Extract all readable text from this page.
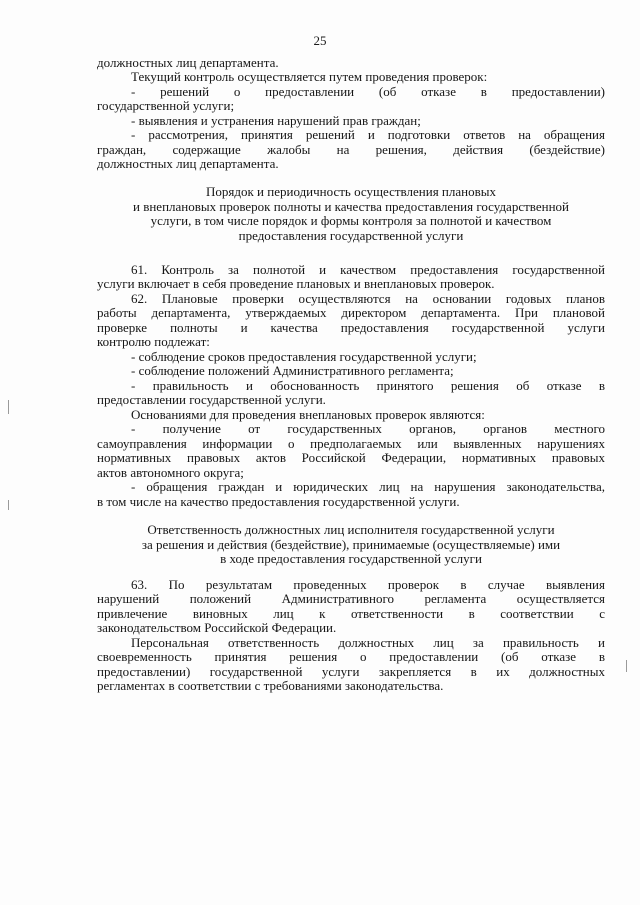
25
должностных лиц департамента.
Текущий контроль осуществляется путем проведения проверок:
- решений о предоставлении (об отказе в предоставлении)
государственной услуги;
- выявления и устранения нарушений прав граждан;
- рассмотрения, принятия решений и подготовки ответов на обращения
граждан, содержащие жалобы на решения, действия (бездействие)
должностных лиц департамента.
Порядок и периодичность осуществления плановых
и внеплановых проверок полноты и качества предоставления государственной
услуги, в том числе порядок и формы контроля за полнотой и качеством
предоставления государственной услуги
61. Контроль за полнотой и качеством предоставления государственной
услуги включает в себя проведение плановых и внеплановых проверок.
62. Плановые проверки осуществляются на основании годовых планов
работы департамента, утверждаемых директором департамента. При плановой
проверке полноты и качества предоставления государственной услуги
контролю подлежат:
- соблюдение сроков предоставления государственной услуги;
- соблюдение положений Административного регламента;
- правильность и обоснованность принятого решения об отказе в
предоставлении государственной услуги.
Основаниями для проведения внеплановых проверок являются:
- получение от государственных органов, органов местного
самоуправления информации о предполагаемых или выявленных нарушениях
нормативных правовых актов Российской Федерации, нормативных правовых
актов автономного округа;
- обращения граждан и юридических лиц на нарушения законодательства,
в том числе на качество предоставления государственной услуги.
Ответственность должностных лиц исполнителя государственной услуги
за решения и действия (бездействие), принимаемые (осуществляемые) ими
в ходе предоставления государственной услуги
63. По результатам проведенных проверок в случае выявления
нарушений положений Административного регламента осуществляется
привлечение виновных лиц к ответственности в соответствии с
законодательством Российской Федерации.
Персональная ответственность должностных лиц за правильность и
своевременность принятия решения о предоставлении (об отказе в
предоставлении) государственной услуги закрепляется в их должностных
регламентах в соответствии с требованиями законодательства.
